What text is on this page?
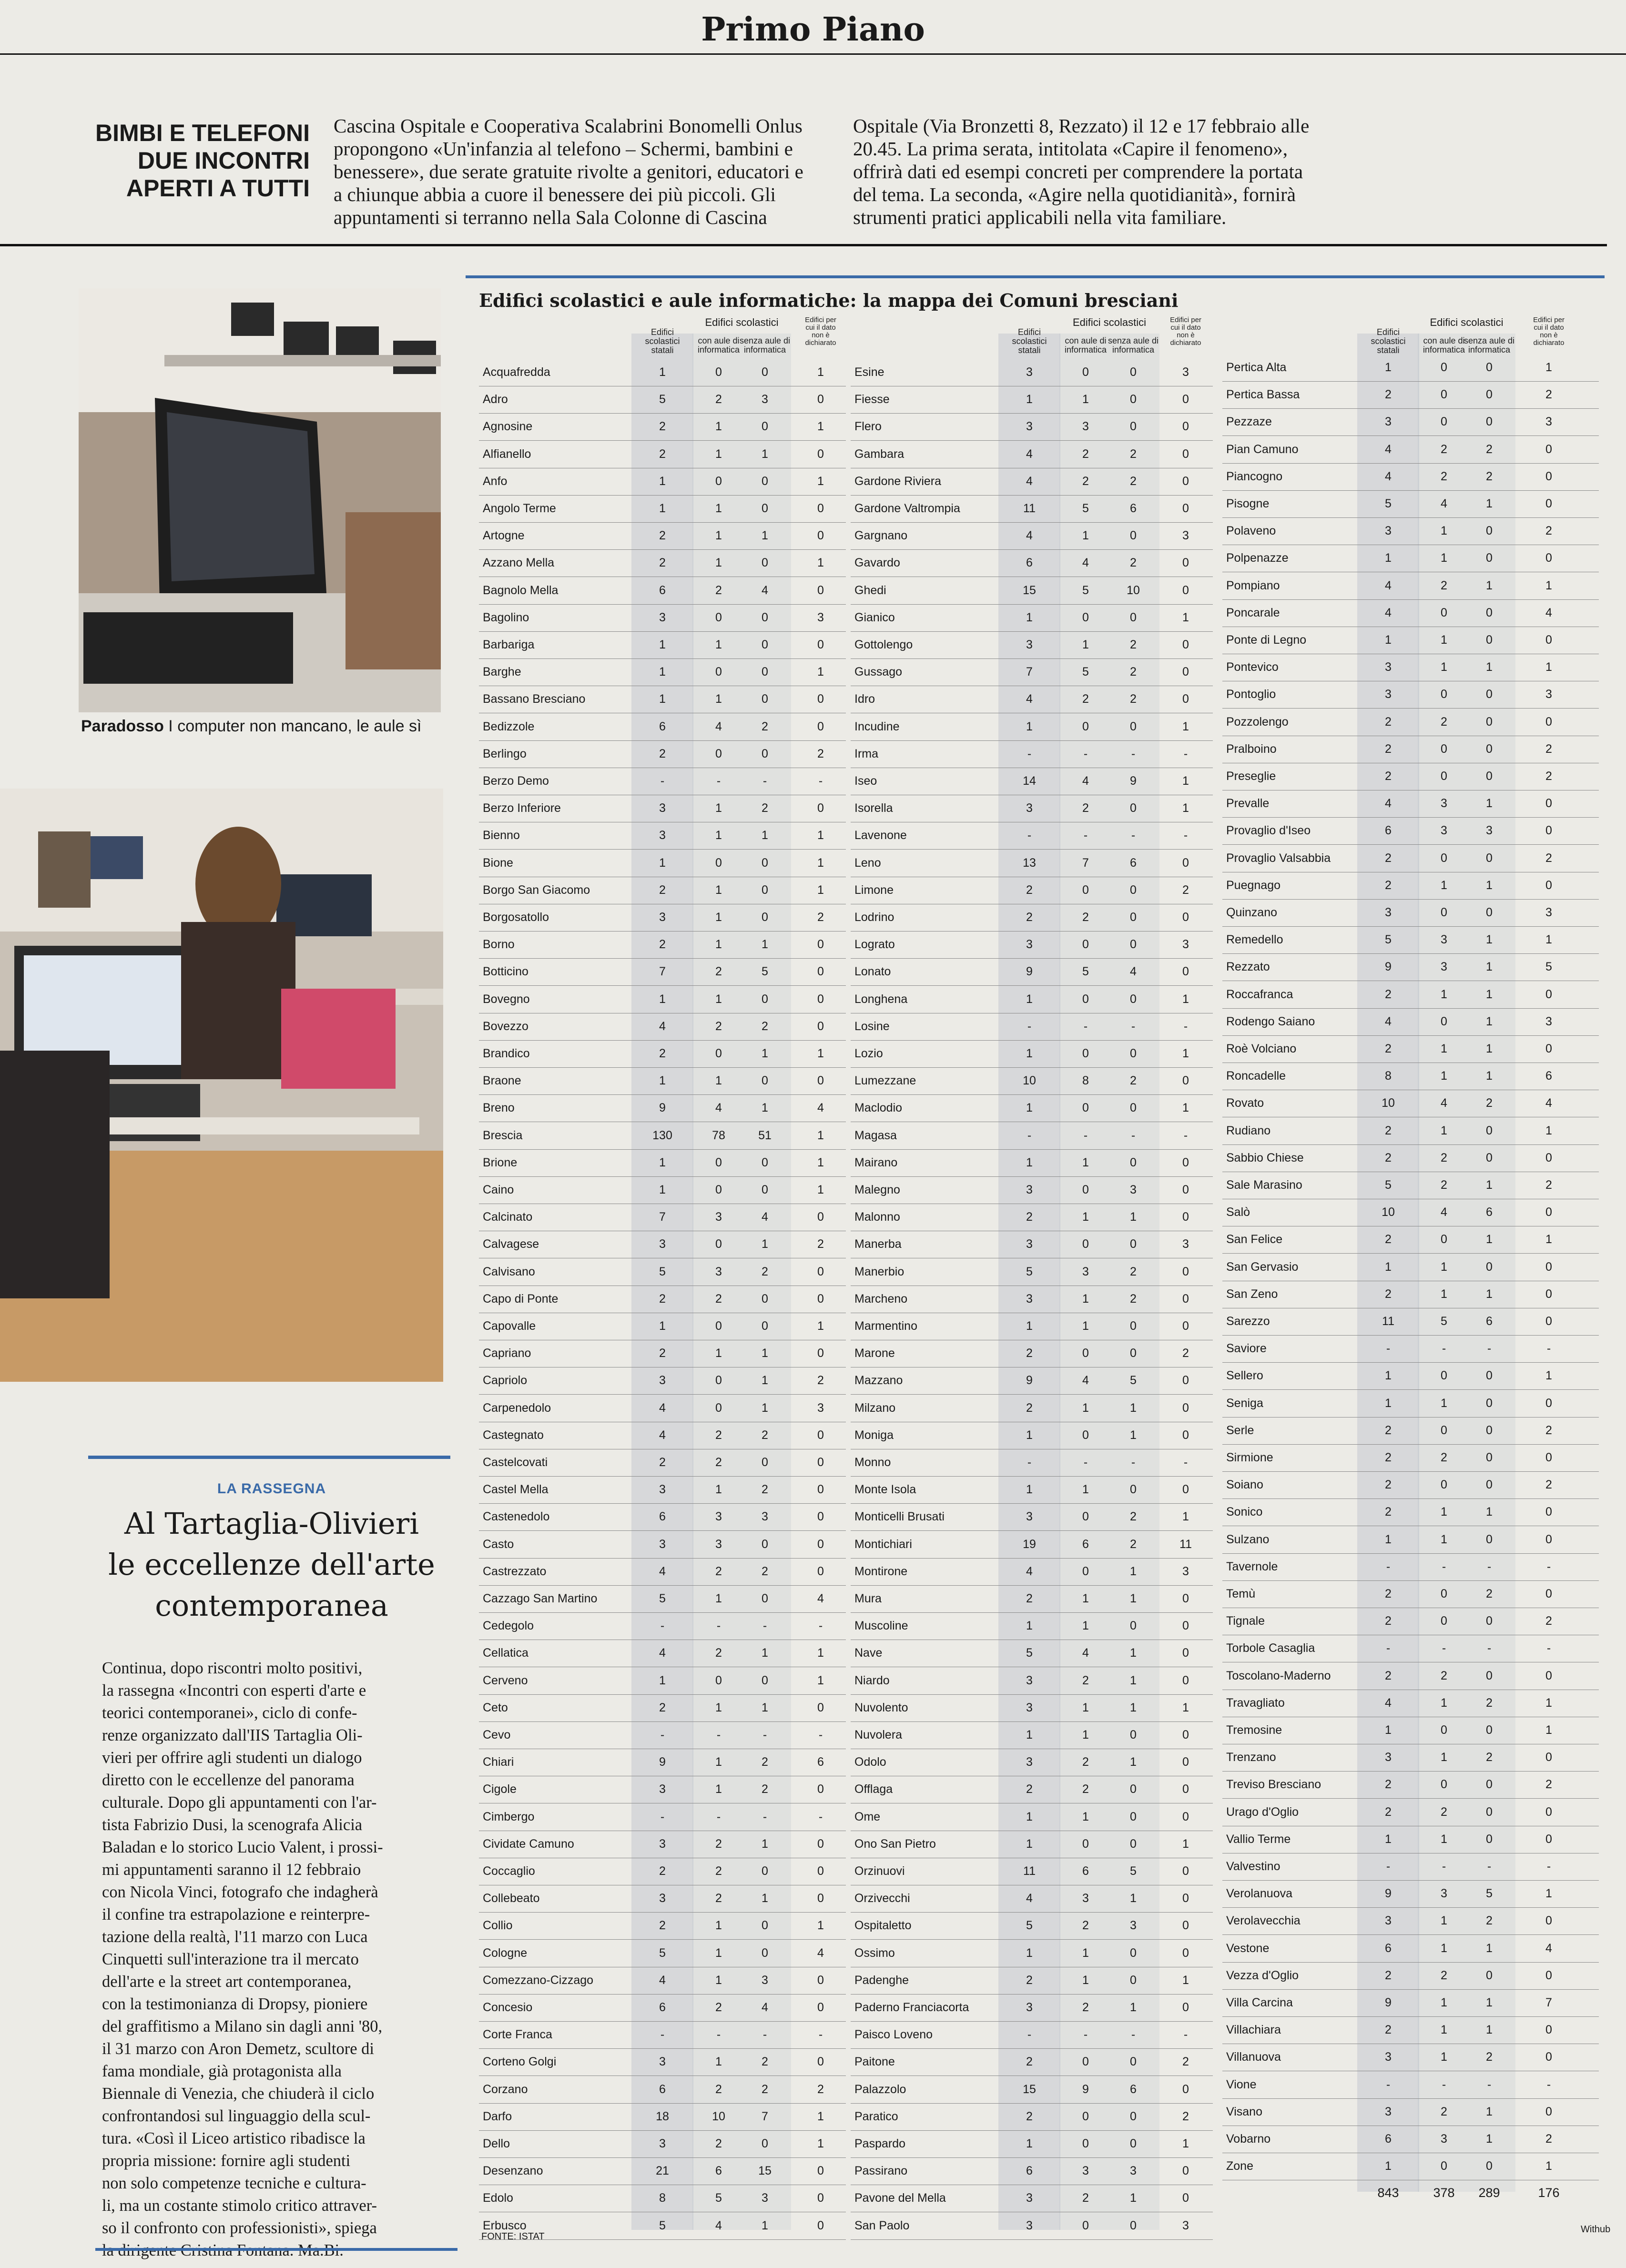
Primo Piano
BIMBI E TELEFONI
DUE INCONTRI
APERTI A TUTTI
Cascina Ospitale e Cooperativa Scalabrini Bonomelli Onlus
propongono «Un'infanzia al telefono – Schermi, bambini e
benessere», due serate gratuite rivolte a genitori, educatori e
a chiunque abbia a cuore il benessere dei più piccoli. Gli
appuntamenti si terranno nella Sala Colonne di Cascina
Ospitale (Via Bronzetti 8, Rezzato) il 12 e 17 febbraio alle
20.45. La prima serata, intitolata «Capire il fenomeno»,
offrirà dati ed esempi concreti per comprendere la portata
del tema. La seconda, «Agire nella quotidianità», fornirà
strumenti pratici applicabili nella vita familiare.
Paradosso I computer non mancano, le aule sì
LA RASSEGNA
Al Tartaglia-Olivieri
le eccellenze dell'arte
contemporanea
Continua, dopo riscontri molto positivi,
la rassegna «Incontri con esperti d'arte e
teorici contemporanei», ciclo di confe-
renze organizzato dall'IIS Tartaglia Oli-
vieri per offrire agli studenti un dialogo
diretto con le eccellenze del panorama
culturale. Dopo gli appuntamenti con l'ar-
tista Fabrizio Dusi, la scenografa Alicia
Baladan e lo storico Lucio Valent, i prossi-
mi appuntamenti saranno il 12 febbraio
con Nicola Vinci, fotografo che indagherà
il confine tra estrapolazione e reinterpre-
tazione della realtà, l'11 marzo con Luca
Cinquetti sull'interazione tra il mercato
dell'arte e la street art contemporanea,
con la testimonianza di Dropsy, pioniere
del graffitismo a Milano sin dagli anni '80,
il 31 marzo con Aron Demetz, scultore di
fama mondiale, già protagonista alla
Biennale di Venezia, che chiuderà il ciclo
confrontandosi sul linguaggio della scul-
tura. «Così il Liceo artistico ribadisce la
propria missione: fornire agli studenti
non solo competenze tecniche e cultura-
li, ma un costante stimolo critico attraver-
so il confronto con professionisti», spiega
Edifici scolastici e aule informatiche: la mappa dei Comuni bresciani
Edifici
scolastici
statali
Edifici scolastici
con aule di
informatica
senza aule di
informatica
Edifici per
cui il dato
non è
dichiarato
Acquafredda	1	0	0	1
Adro	5	2	3	0
Agnosine	2	1	0	1
Alfianello	2	1	1	0
Anfo	1	0	0	1
Angolo Terme	1	1	0	0
Artogne	2	1	1	0
Azzano Mella	2	1	0	1
Bagnolo Mella	6	2	4	0
Bagolino	3	0	0	3
Barbariga	1	1	0	0
Barghe	1	0	0	1
Bassano Bresciano	1	1	0	0
Bedizzole	6	4	2	0
Berlingo	2	0	0	2
Berzo Demo	-	-	-	-
Berzo Inferiore	3	1	2	0
Bienno	3	1	1	1
Bione	1	0	0	1
Borgo San Giacomo	2	1	0	1
Borgosatollo	3	1	0	2
Borno	2	1	1	0
Botticino	7	2	5	0
Bovegno	1	1	0	0
Bovezzo	4	2	2	0
Brandico	2	0	1	1
Braone	1	1	0	0
Breno	9	4	1	4
Brescia	130	78	51	1
Brione	1	0	0	1
Caino	1	0	0	1
Calcinato	7	3	4	0
Calvagese	3	0	1	2
Calvisano	5	3	2	0
Capo di Ponte	2	2	0	0
Capovalle	1	0	0	1
Capriano	2	1	1	0
Capriolo	3	0	1	2
Carpenedolo	4	0	1	3
Castegnato	4	2	2	0
Castelcovati	2	2	0	0
Castel Mella	3	1	2	0
Castenedolo	6	3	3	0
Casto	3	3	0	0
Castrezzato	4	2	2	0
Cazzago San Martino	5	1	0	4
Cedegolo	-	-	-	-
Cellatica	4	2	1	1
Cerveno	1	0	0	1
Ceto	2	1	1	0
Cevo	-	-	-	-
Chiari	9	1	2	6
Cigole	3	1	2	0
Cimbergo	-	-	-	-
Cividate Camuno	3	2	1	0
Coccaglio	2	2	0	0
Collebeato	3	2	1	0
Collio	2	1	0	1
Cologne	5	1	0	4
Comezzano-Cizzago	4	1	3	0
Concesio	6	2	4	0
Corte Franca	-	-	-	-
Corteno Golgi	3	1	2	0
Corzano	6	2	2	2
Darfo	18	10	7	1
Dello	3	2	0	1
Desenzano	21	6	15	0
Edolo	8	5	3	0
Erbusco	5	4	1	0
Edifici
scolastici
statali
Edifici scolastici
con aule di
informatica
senza aule di
informatica
Edifici per
cui il dato
non è
dichiarato
Esine	3	0	0	3
Fiesse	1	1	0	0
Flero	3	3	0	0
Gambara	4	2	2	0
Gardone Riviera	4	2	2	0
Gardone Valtrompia	11	5	6	0
Gargnano	4	1	0	3
Gavardo	6	4	2	0
Ghedi	15	5	10	0
Gianico	1	0	0	1
Gottolengo	3	1	2	0
Gussago	7	5	2	0
Idro	4	2	2	0
Incudine	1	0	0	1
Irma	-	-	-	-
Iseo	14	4	9	1
Isorella	3	2	0	1
Lavenone	-	-	-	-
Leno	13	7	6	0
Limone	2	0	0	2
Lodrino	2	2	0	0
Lograto	3	0	0	3
Lonato	9	5	4	0
Longhena	1	0	0	1
Losine	-	-	-	-
Lozio	1	0	0	1
Lumezzane	10	8	2	0
Maclodio	1	0	0	1
Magasa	-	-	-	-
Mairano	1	1	0	0
Malegno	3	0	3	0
Malonno	2	1	1	0
Manerba	3	0	0	3
Manerbio	5	3	2	0
Marcheno	3	1	2	0
Marmentino	1	1	0	0
Marone	2	0	0	2
Mazzano	9	4	5	0
Milzano	2	1	1	0
Moniga	1	0	1	0
Monno	-	-	-	-
Monte Isola	1	1	0	0
Monticelli Brusati	3	0	2	1
Montichiari	19	6	2	11
Montirone	4	0	1	3
Mura	2	1	1	0
Muscoline	1	1	0	0
Nave	5	4	1	0
Niardo	3	2	1	0
Nuvolento	3	1	1	1
Nuvolera	1	1	0	0
Odolo	3	2	1	0
Offlaga	2	2	0	0
Ome	1	1	0	0
Ono San Pietro	1	0	0	1
Orzinuovi	11	6	5	0
Orzivecchi	4	3	1	0
Ospitaletto	5	2	3	0
Ossimo	1	1	0	0
Padenghe	2	1	0	1
Paderno Franciacorta	3	2	1	0
Paisco Loveno	-	-	-	-
Paitone	2	0	0	2
Palazzolo	15	9	6	0
Paratico	2	0	0	2
Paspardo	1	0	0	1
Passirano	6	3	3	0
Pavone del Mella	3	2	1	0
San Paolo	3	0	0	3
Edifici
scolastici
statali
Edifici scolastici
con aule di
informatica
senza aule di
informatica
Edifici per
cui il dato
non è
dichiarato
Pertica Alta	1	0	0	1
Pertica Bassa	2	0	0	2
Pezzaze	3	0	0	3
Pian Camuno	4	2	2	0
Piancogno	4	2	2	0
Pisogne	5	4	1	0
Polaveno	3	1	0	2
Polpenazze	1	1	0	0
Pompiano	4	2	1	1
Poncarale	4	0	0	4
Ponte di Legno	1	1	0	0
Pontevico	3	1	1	1
Pontoglio	3	0	0	3
Pozzolengo	2	2	0	0
Pralboino	2	0	0	2
Preseglie	2	0	0	2
Prevalle	4	3	1	0
Provaglio d'Iseo	6	3	3	0
Provaglio Valsabbia	2	0	0	2
Puegnago	2	1	1	0
Quinzano	3	0	0	3
Remedello	5	3	1	1
Rezzato	9	3	1	5
Roccafranca	2	1	1	0
Rodengo Saiano	4	0	1	3
Roè Volciano	2	1	1	0
Roncadelle	8	1	1	6
Rovato	10	4	2	4
Rudiano	2	1	0	1
Sabbio Chiese	2	2	0	0
Sale Marasino	5	2	1	2
Salò	10	4	6	0
San Felice	2	0	1	1
San Gervasio	1	1	0	0
San Zeno	2	1	1	0
Sarezzo	11	5	6	0
Saviore	-	-	-	-
Sellero	1	0	0	1
Seniga	1	1	0	0
Serle	2	0	0	2
Sirmione	2	2	0	0
Soiano	2	0	0	2
Sonico	2	1	1	0
Sulzano	1	1	0	0
Tavernole	-	-	-	-
Temù	2	0	2	0
Tignale	2	0	0	2
Torbole Casaglia	-	-	-	-
Toscolano-Maderno	2	2	0	0
Travagliato	4	1	2	1
Tremosine	1	0	0	1
Trenzano	3	1	2	0
Treviso Bresciano	2	0	0	2
Urago d'Oglio	2	2	0	0
Vallio Terme	1	1	0	0
Valvestino	-	-	-	-
Verolanuova	9	3	5	1
Verolavecchia	3	1	2	0
Vestone	6	1	1	4
Vezza d'Oglio	2	2	0	0
Villa Carcina	9	1	1	7
Villachiara	2	1	1	0
Villanuova	3	1	2	0
Vione	-	-	-	-
Visano	3	2	1	0
Vobarno	6	3	1	2
Zone	1	0	0	1
843	378	289	176
FONTE: ISTAT
Withub
